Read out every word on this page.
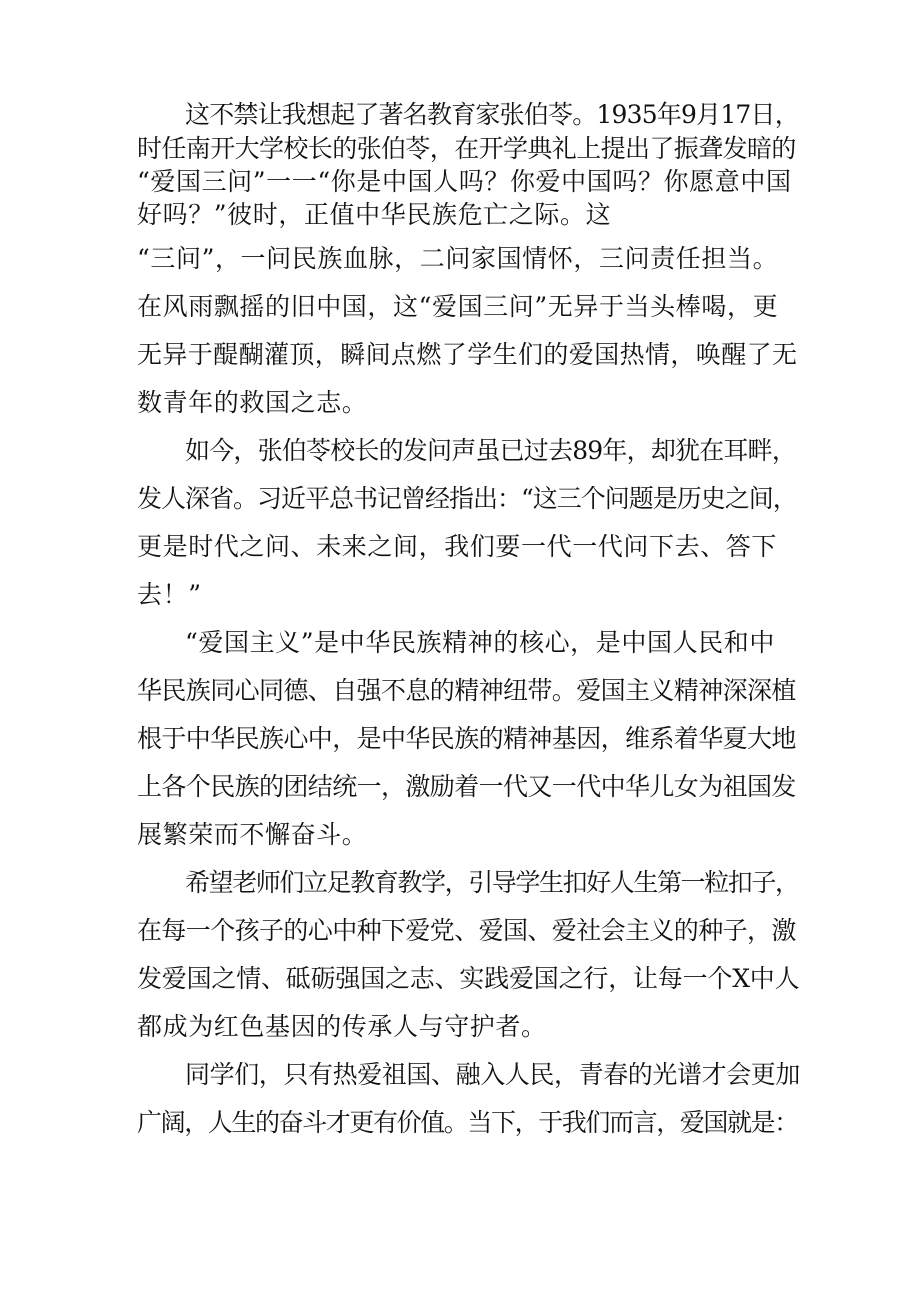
这不禁让我想起了著名教育家张伯苓。1935年9月17日，
时任南开大学校长的张伯苓，在开学典礼上提出了振聋发暗的
“爱国三问”一一“你是中国人吗？你爱中国吗？你愿意中国
好吗？”彼时，正值中华民族危亡之际。这
“三问”，一问民族血脉，二问家国情怀，三问责任担当。
在风雨飘摇的旧中国，这“爱国三问”无异于当头棒喝，更
无异于醍醐灌顶，瞬间点燃了学生们的爱国热情，唤醒了无
数青年的救国之志。
如今，张伯苓校长的发问声虽已过去89年，却犹在耳畔，
发人深省。习近平总书记曾经指出：“这三个问题是历史之间，
更是时代之问、未来之间，我们要一代一代问下去、答下
去！”
“爱国主义”是中华民族精神的核心，是中国人民和中
华民族同心同德、自强不息的精神纽带。爱国主义精神深深植
根于中华民族心中，是中华民族的精神基因，维系着华夏大地
上各个民族的团结统一，激励着一代又一代中华儿女为祖国发
展繁荣而不懈奋斗。
希望老师们立足教育教学，引导学生扣好人生第一粒扣子，
在每一个孩子的心中种下爱党、爱国、爱社会主义的种子，激
发爱国之情、砥砺强国之志、实践爱国之行，让每一个X中人
都成为红色基因的传承人与守护者。
同学们，只有热爱祖国、融入人民，青春的光谱才会更加
广阔，人生的奋斗才更有价值。当下，于我们而言，爱国就是：
